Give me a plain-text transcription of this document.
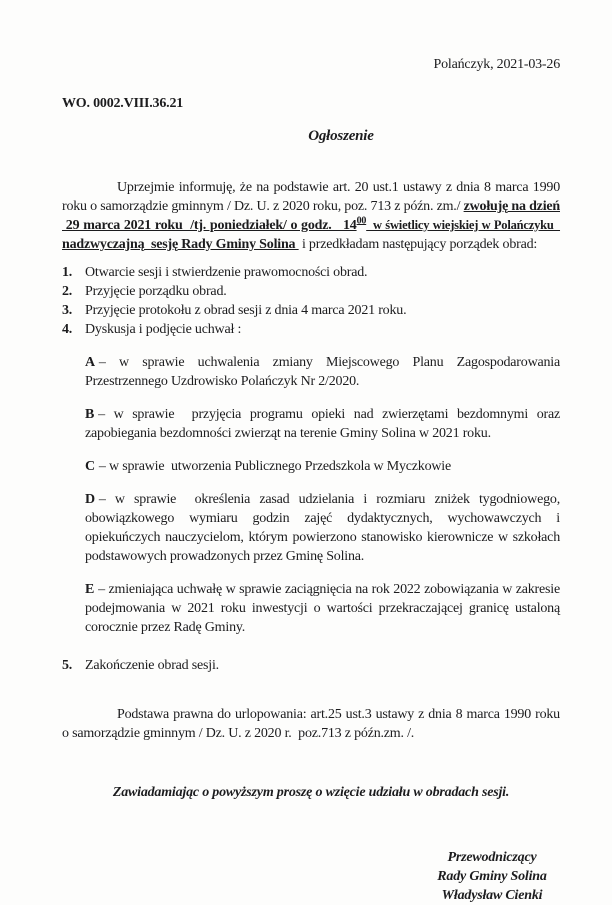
Polańczyk, 2021-03-26

WO. 0002.VIII.36.21

Ogłoszenie

Uprzejmie informuję, że na podstawie art. 20 ust.1 ustawy z dnia 8 marca 1990 roku o samorządzie gminnym / Dz. U. z 2020 roku, poz. 713 z późn. zm./ zwołuję na dzień  29 marca 2021 roku  /tj. poniedziałek/ o godz.   $14^{00}$  w świetlicy wiejskiej w Polańczyku   nadzwyczajną  sesję Rady Gminy Solina  i przedkładam następujący porządek obrad:

1. Otwarcie sesji i stwierdzenie prawomocności obrad.
2. Przyjęcie porządku obrad.
3. Przyjęcie protokołu z obrad sesji z dnia 4 marca 2021 roku.
4. Dyskusja i podjęcie uchwał :

A – w sprawie uchwalenia zmiany Miejscowego Planu Zagospodarowania Przestrzennego Uzdrowisko Polańczyk Nr 2/2020.

B – w sprawie  przyjęcia programu opieki nad zwierzętami bezdomnymi oraz zapobiegania bezdomności zwierząt na terenie Gminy Solina w 2021 roku.

C – w sprawie  utworzenia Publicznego Przedszkola w Myczkowie

D – w sprawie  określenia zasad udzielania i rozmiaru zniżek tygodniowego, obowiązkowego wymiaru godzin zajęć dydaktycznych, wychowawczych i opiekuńczych nauczycielom, którym powierzono stanowisko kierownicze w szkołach podstawowych prowadzonych przez Gminę Solina.

E – zmieniająca uchwałę w sprawie zaciągnięcia na rok 2022 zobowiązania w zakresie podejmowania w 2021 roku inwestycji o wartości przekraczającej granicę ustaloną corocznie przez Radę Gminy.

5. Zakończenie obrad sesji.

Podstawa prawna do urlopowania: art.25 ust.3 ustawy z dnia 8 marca 1990 roku o samorządzie gminnym / Dz. U. z 2020 r.  poz.713 z późn.zm. /.

Zawiadamiając o powyższym proszę o wzięcie udziału w obradach sesji.

Przewodniczący

Rady Gminy Solina

Władysław Cienki
